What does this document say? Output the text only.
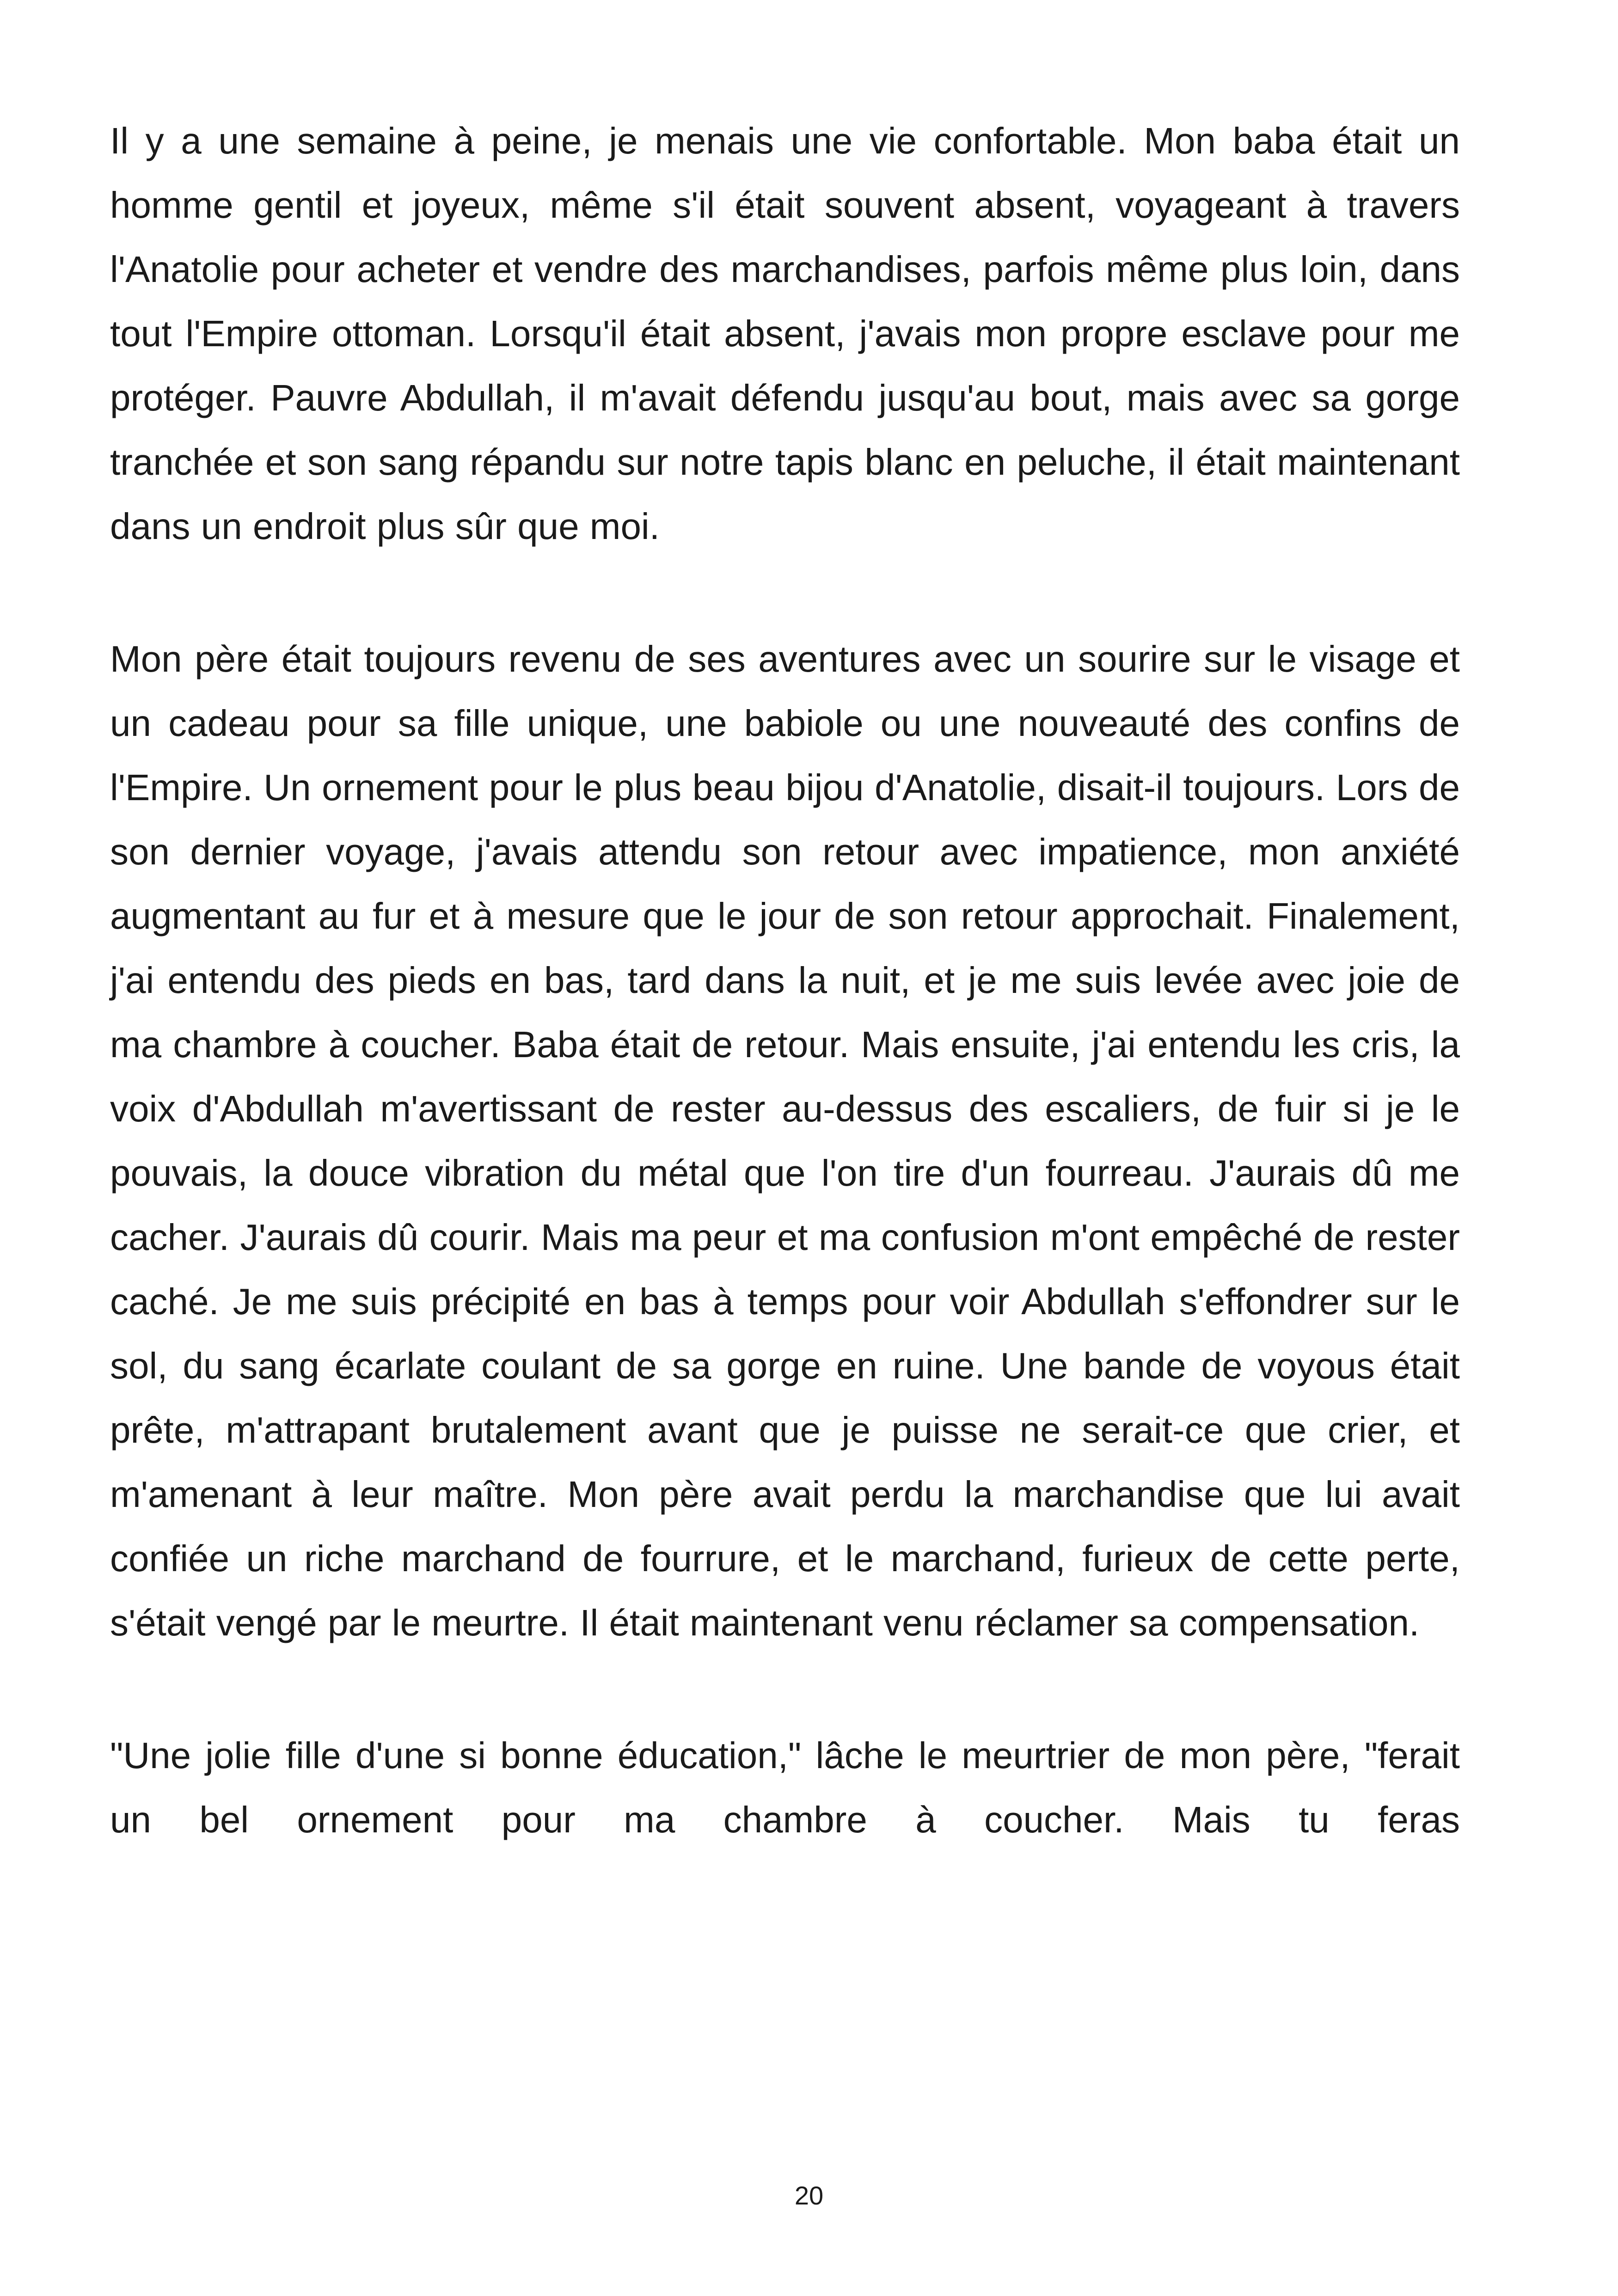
Il y a une semaine à peine, je menais une vie confortable. Mon baba était un homme gentil et joyeux, même s'il était souvent absent, voyageant à travers l'Anatolie pour acheter et vendre des marchandises, parfois même plus loin, dans tout l'Empire ottoman. Lorsqu'il était absent, j'avais mon propre esclave pour me protéger. Pauvre Abdullah, il m'avait défendu jusqu'au bout, mais avec sa gorge tranchée et son sang répandu sur notre tapis blanc en peluche, il était maintenant dans un endroit plus sûr que moi.

Mon père était toujours revenu de ses aventures avec un sourire sur le visage et un cadeau pour sa fille unique, une babiole ou une nouveauté des confins de l'Empire. Un ornement pour le plus beau bijou d'Anatolie, disait-il toujours. Lors de son dernier voyage, j'avais attendu son retour avec impatience, mon anxiété augmentant au fur et à mesure que le jour de son retour approchait. Finalement, j'ai entendu des pieds en bas, tard dans la nuit, et je me suis levée avec joie de ma chambre à coucher. Baba était de retour. Mais ensuite, j'ai entendu les cris, la voix d'Abdullah m'avertissant de rester au-dessus des escaliers, de fuir si je le pouvais, la douce vibration du métal que l'on tire d'un fourreau. J'aurais dû me cacher. J'aurais dû courir. Mais ma peur et ma confusion m'ont empêché de rester caché. Je me suis précipité en bas à temps pour voir Abdullah s'effondrer sur le sol, du sang écarlate coulant de sa gorge en ruine. Une bande de voyous était prête, m'attrapant brutalement avant que je puisse ne serait-ce que crier, et m'amenant à leur maître. Mon père avait perdu la marchandise que lui avait confiée un riche marchand de fourrure, et le marchand, furieux de cette perte, s'était vengé par le meurtre. Il était maintenant venu réclamer sa compensation.

"Une jolie fille d'une si bonne éducation," lâche le meurtrier de mon père, "ferait un bel ornement pour ma chambre à coucher. Mais tu feras

20
